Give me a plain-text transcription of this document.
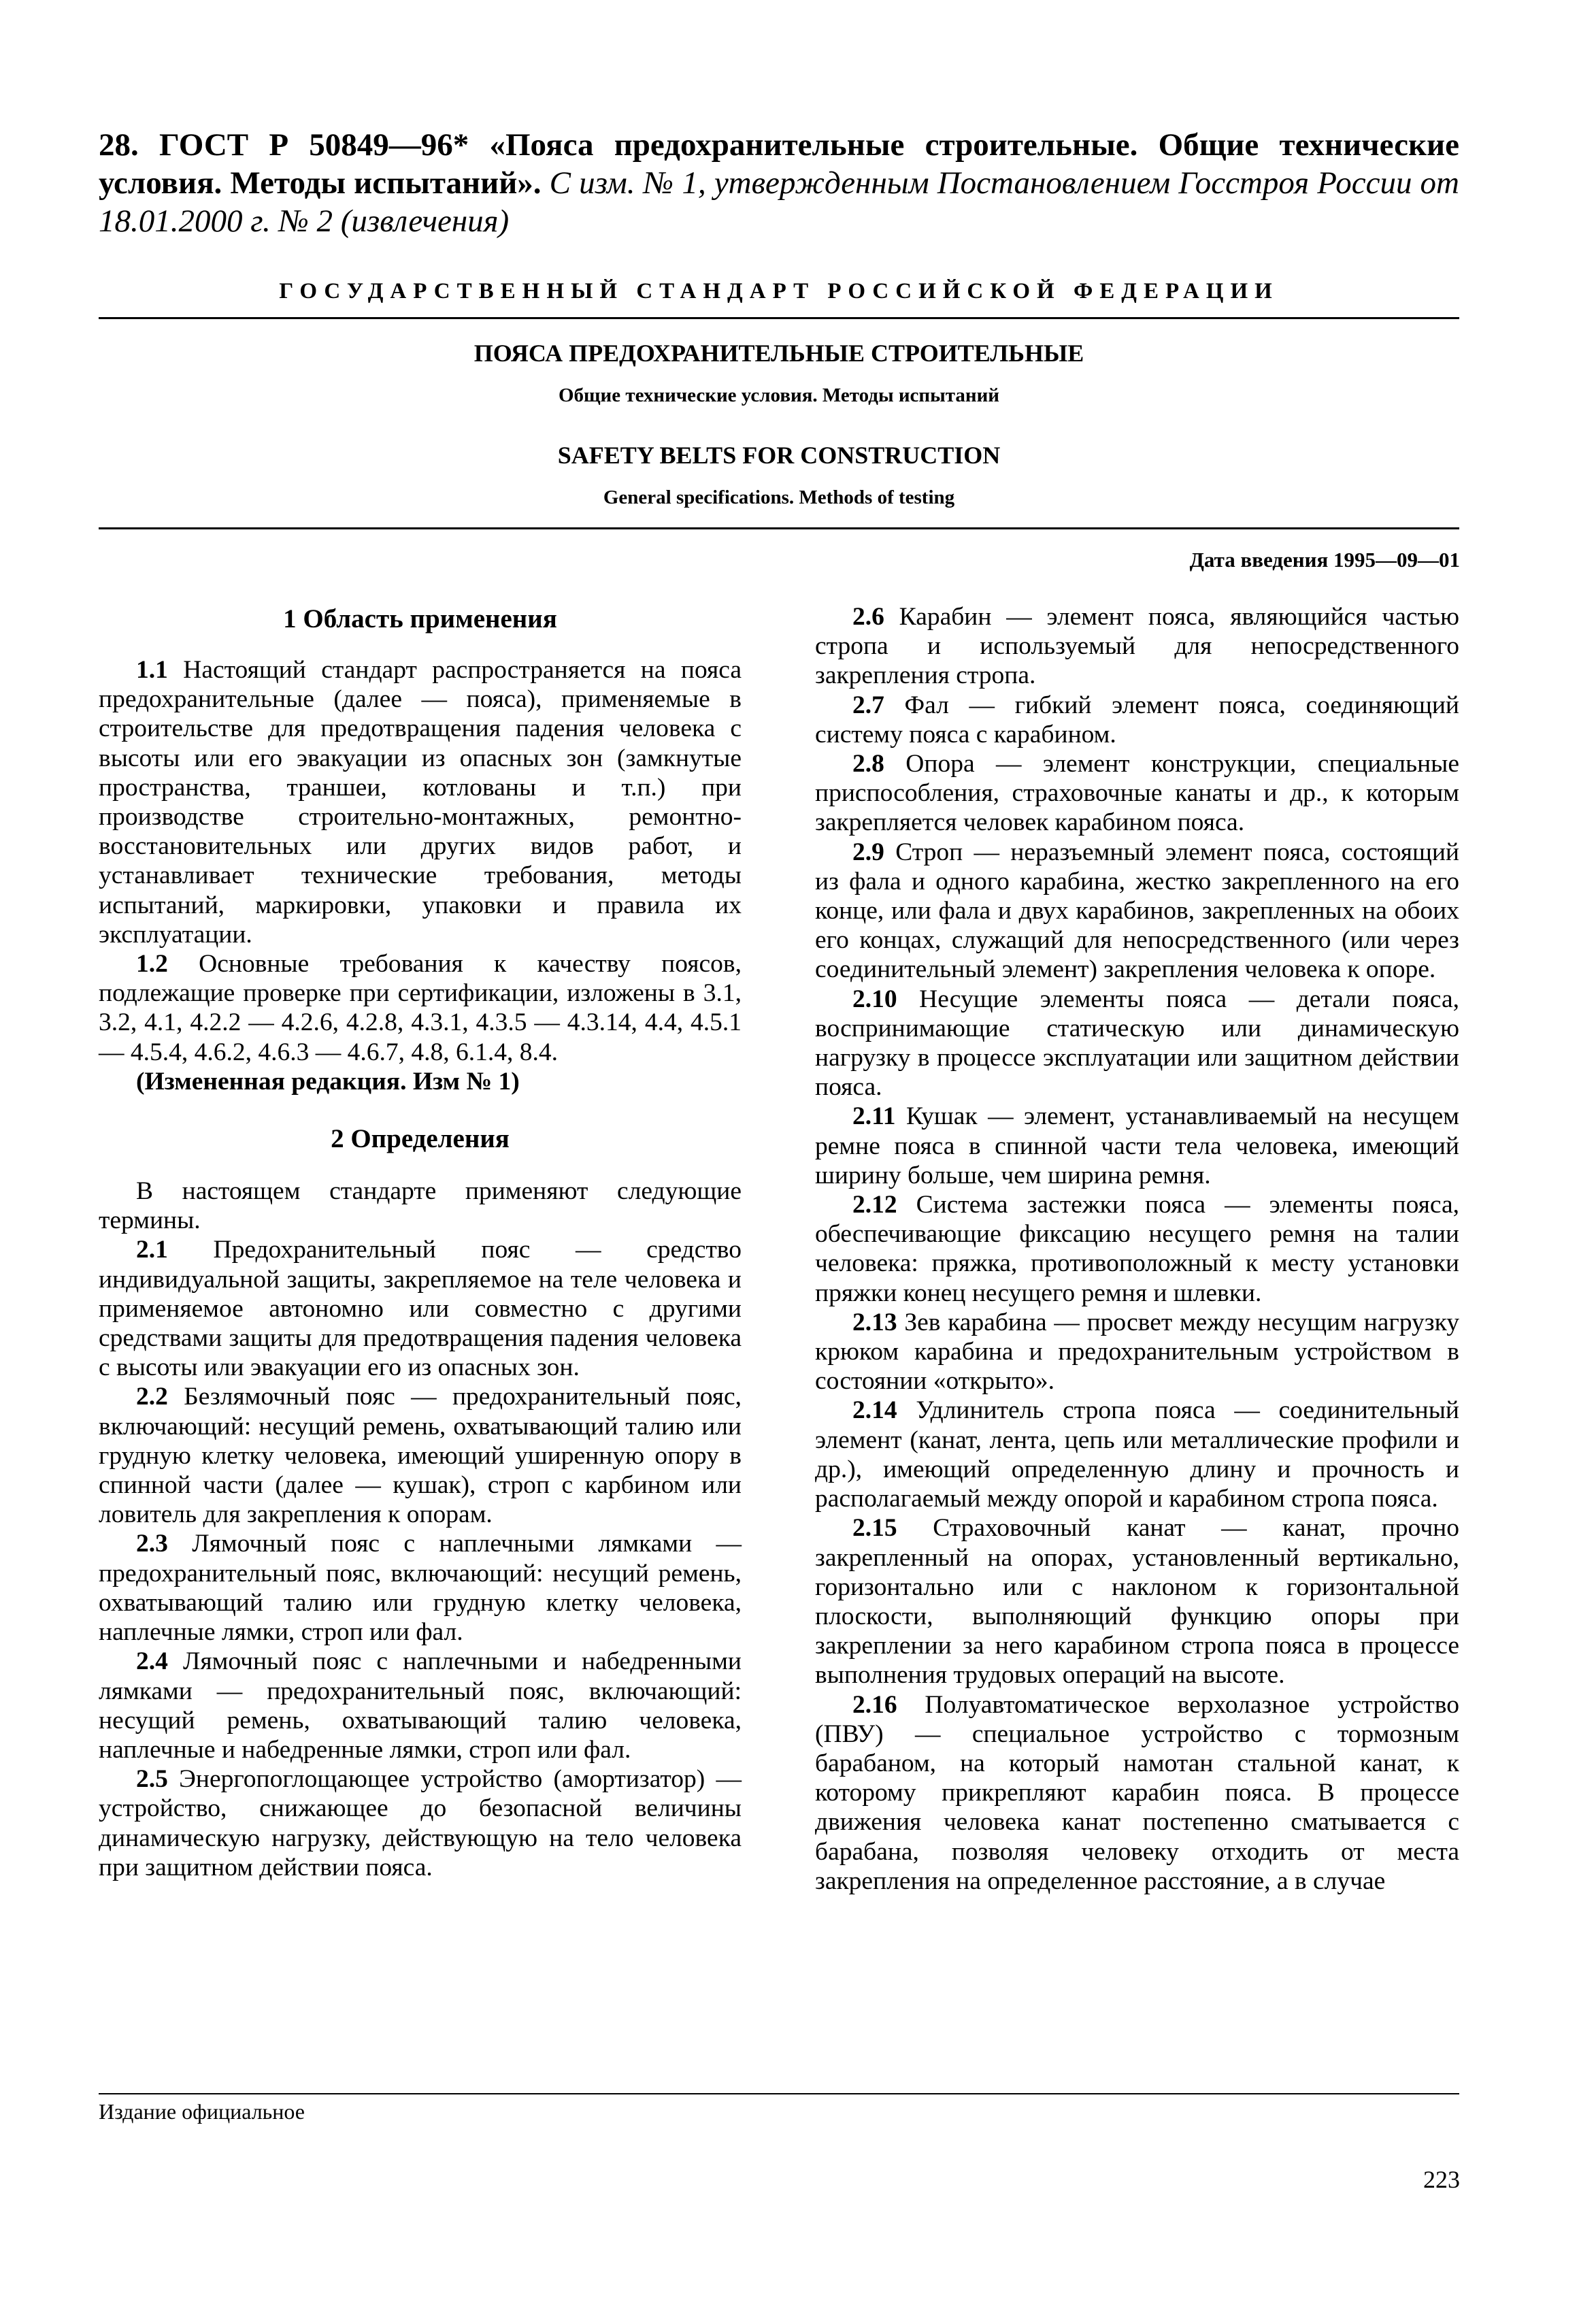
28. ГОСТ Р 50849—96* «Пояса предохранительные строительные. Общие технические условия. Методы испытаний». С изм. № 1, утвержденным Постановлением Госстроя России от 18.01.2000 г. № 2 (извлечения)
ГОСУДАРСТВЕННЫЙ СТАНДАРТ РОССИЙСКОЙ ФЕДЕРАЦИИ
ПОЯСА ПРЕДОХРАНИТЕЛЬНЫЕ СТРОИТЕЛЬНЫЕ
Общие технические условия. Методы испытаний
SAFETY BELTS FOR CONSTRUCTION
General specifications. Methods of testing
Дата введения 1995—09—01
1 Область применения

1.1 Настоящий стандарт распространяется на пояса предохранительные (далее — пояса), применяемые в строительстве для предотвращения падения человека с высоты или его эвакуации из опасных зон (замкнутые пространства, траншеи, котлованы и т.п.) при производстве строительно-монтажных, ремонтно-восстановительных или других видов работ, и устанавливает технические требования, методы испытаний, маркировки, упаковки и правила их эксплуатации.

1.2 Основные требования к качеству поясов, подлежащие проверке при сертификации, изложены в 3.1, 3.2, 4.1, 4.2.2 — 4.2.6, 4.2.8, 4.3.1, 4.3.5 — 4.3.14, 4.4, 4.5.1 — 4.5.4, 4.6.2, 4.6.3 — 4.6.7, 4.8, 6.1.4, 8.4.

(Измененная редакция. Изм № 1)

2 Определения

В настоящем стандарте применяют следующие термины.

2.1 Предохранительный пояс — средство индивидуальной защиты, закрепляемое на теле человека и применяемое автономно или совместно с другими средствами защиты для предотвращения падения человека с высоты или эвакуации его из опасных зон.

2.2 Безлямочный пояс — предохранительный пояс, включающий: несущий ремень, охватывающий талию или грудную клетку человека, имеющий уширенную опору в спинной части (далее — кушак), строп с карбином или ловитель для закрепления к опорам.

2.3 Лямочный пояс с наплечными лямками — предохранительный пояс, включающий: несущий ремень, охватывающий талию или грудную клетку человека, наплечные лямки, строп или фал.

2.4 Лямочный пояс с наплечными и набедренными лямками — предохранительный пояс, включающий: несущий ремень, охватывающий талию человека, наплечные и набедренные лямки, строп или фал.

2.5 Энергопоглощающее устройство (амортизатор) — устройство, снижающее до безопасной величины динамическую нагрузку, действующую на тело человека при защитном действии пояса.

2.6 Карабин — элемент пояса, являющийся частью стропа и используемый для непосредственного закрепления стропа.

2.7 Фал — гибкий элемент пояса, соединяющий систему пояса с карабином.

2.8 Опора — элемент конструкции, специальные приспособления, страховочные канаты и др., к которым закрепляется человек карабином пояса.

2.9 Строп — неразъемный элемент пояса, состоящий из фала и одного карабина, жестко закрепленного на его конце, или фала и двух карабинов, закрепленных на обоих его концах, служащий для непосредственного (или через соединительный элемент) закрепления человека к опоре.

2.10 Несущие элементы пояса — детали пояса, воспринимающие статическую или динамическую нагрузку в процессе эксплуатации или защитном действии пояса.

2.11 Кушак — элемент, устанавливаемый на несущем ремне пояса в спинной части тела человека, имеющий ширину больше, чем ширина ремня.

2.12 Система застежки пояса — элементы пояса, обеспечивающие фиксацию несущего ремня на талии человека: пряжка, противоположный к месту установки пряжки конец несущего ремня и шлевки.

2.13 Зев карабина — просвет между несущим нагрузку крюком карабина и предохранительным устройством в состоянии «открыто».

2.14 Удлинитель стропа пояса — соединительный элемент (канат, лента, цепь или металлические профили и др.), имеющий определенную длину и прочность и располагаемый между опорой и карабином стропа пояса.

2.15 Страховочный канат — канат, прочно закрепленный на опорах, установленный вертикально, горизонтально или с наклоном к горизонтальной плоскости, выполняющий функцию опоры при закреплении за него карабином стропа пояса в процессе выполнения трудовых операций на высоте.

2.16 Полуавтоматическое верхолазное устройство (ПВУ) — специальное устройство с тормозным барабаном, на который намотан стальной канат, к которому прикрепляют карабин пояса. В процессе движения человека канат постепенно сматывается с барабана, позволяя человеку отходить от места закрепления на определенное расстояние, а в случае

Издание официальное
223
